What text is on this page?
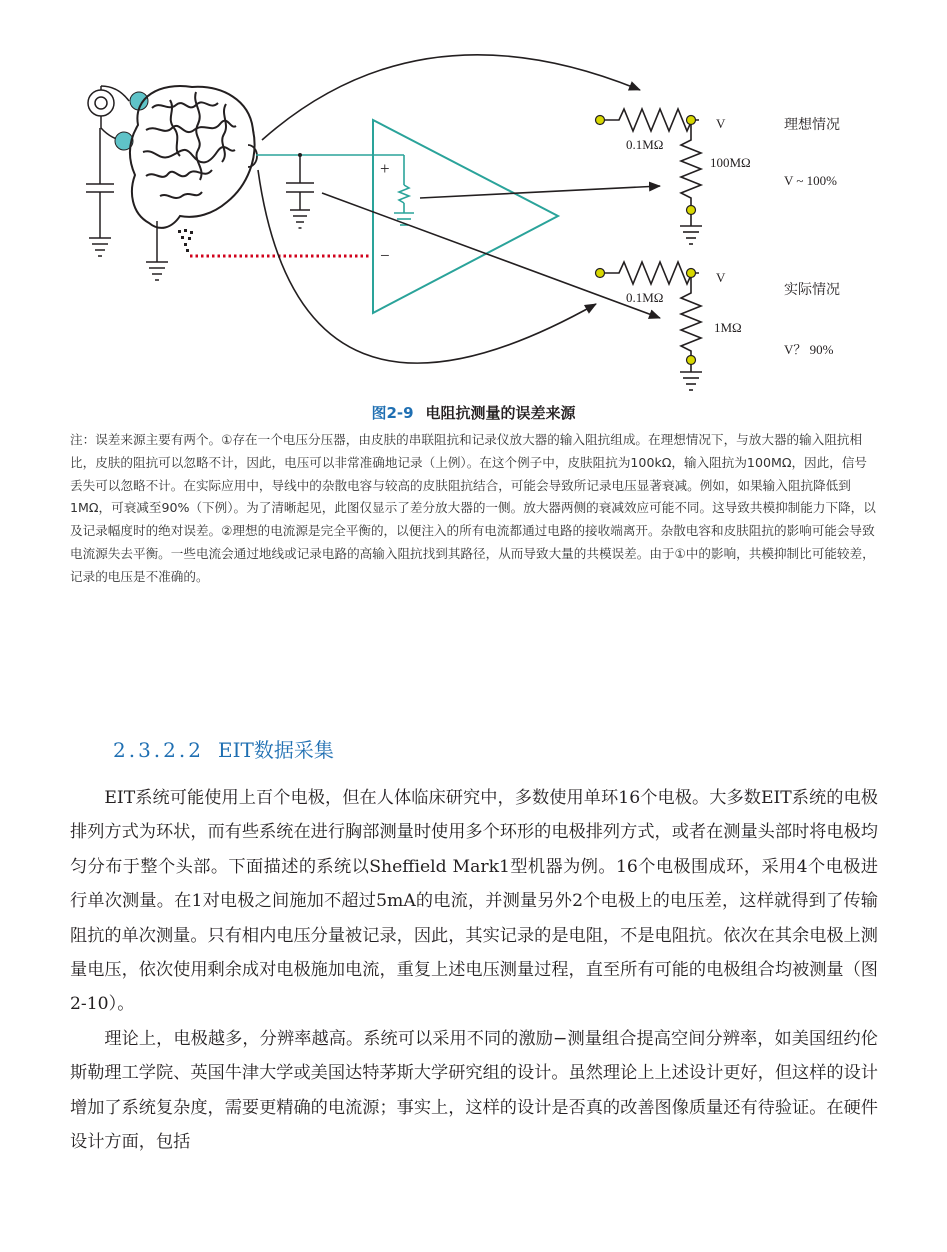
+
−
0.1MΩ
100MΩ
V	理想情况
V ~ 100%
0.1MΩ
1MΩ
V
实际情况
V？ 90%
图2-9 电阻抗测量的误差来源
注：误差来源主要有两个。①存在一个电压分压器，由皮肤的串联阻抗和记录仪放大器的输入阻抗组成。在理想情况下，与放大器的输入阻抗相比，皮肤的阻抗可以忽略不计，因此，电压可以非常准确地记录（上例）。在这个例子中，皮肤阻抗为100kΩ，输入阻抗为100MΩ，因此，信号丢失可以忽略不计。在实际应用中，导线中的杂散电容与较高的皮肤阻抗结合，可能会导致所记录电压显著衰减。例如，如果输入阻抗降低到1MΩ，可衰减至90%（下例）。为了清晰起见，此图仅显示了差分放大器的一侧。放大器两侧的衰减效应可能不同。这导致共模抑制能力下降，以及记录幅度时的绝对误差。②理想的电流源是完全平衡的，以便注入的所有电流都通过电路的接收端离开。杂散电容和皮肤阻抗的影响可能会导致电流源失去平衡。一些电流会通过地线或记录电路的高输入阻抗找到其路径，从而导致大量的共模误差。由于①中的影响，共模抑制比可能较差，记录的电压是不准确的。
2.3.2.2 EIT数据采集

EIT系统可能使用上百个电极，但在人体临床研究中，多数使用单环16个电极。大多数EIT系统的电极排列方式为环状，而有些系统在进行胸部测量时使用多个环形的电极排列方式，或者在测量头部时将电极均匀分布于整个头部。下面描述的系统以Sheffield Mark1型机器为例。16个电极围成环，采用4个电极进行单次测量。在1对电极之间施加不超过5mA的电流，并测量另外2个电极上的电压差，这样就得到了传输阻抗的单次测量。只有相内电压分量被记录，因此，其实记录的是电阻，不是电阻抗。依次在其余电极上测量电压，依次使用剩余成对电极施加电流，重复上述电压测量过程，直至所有可能的电极组合均被测量（图2-10）。

理论上，电极越多，分辨率越高。系统可以采用不同的激励−测量组合提高空间分辨率，如美国纽约伦斯勒理工学院、英国牛津大学或美国达特茅斯大学研究组的设计。虽然理论上上述设计更好，但这样的设计增加了系统复杂度，需要更精确的电流源；事实上，这样的设计是否真的改善图像质量还有待验证。在硬件设计方面，包括
